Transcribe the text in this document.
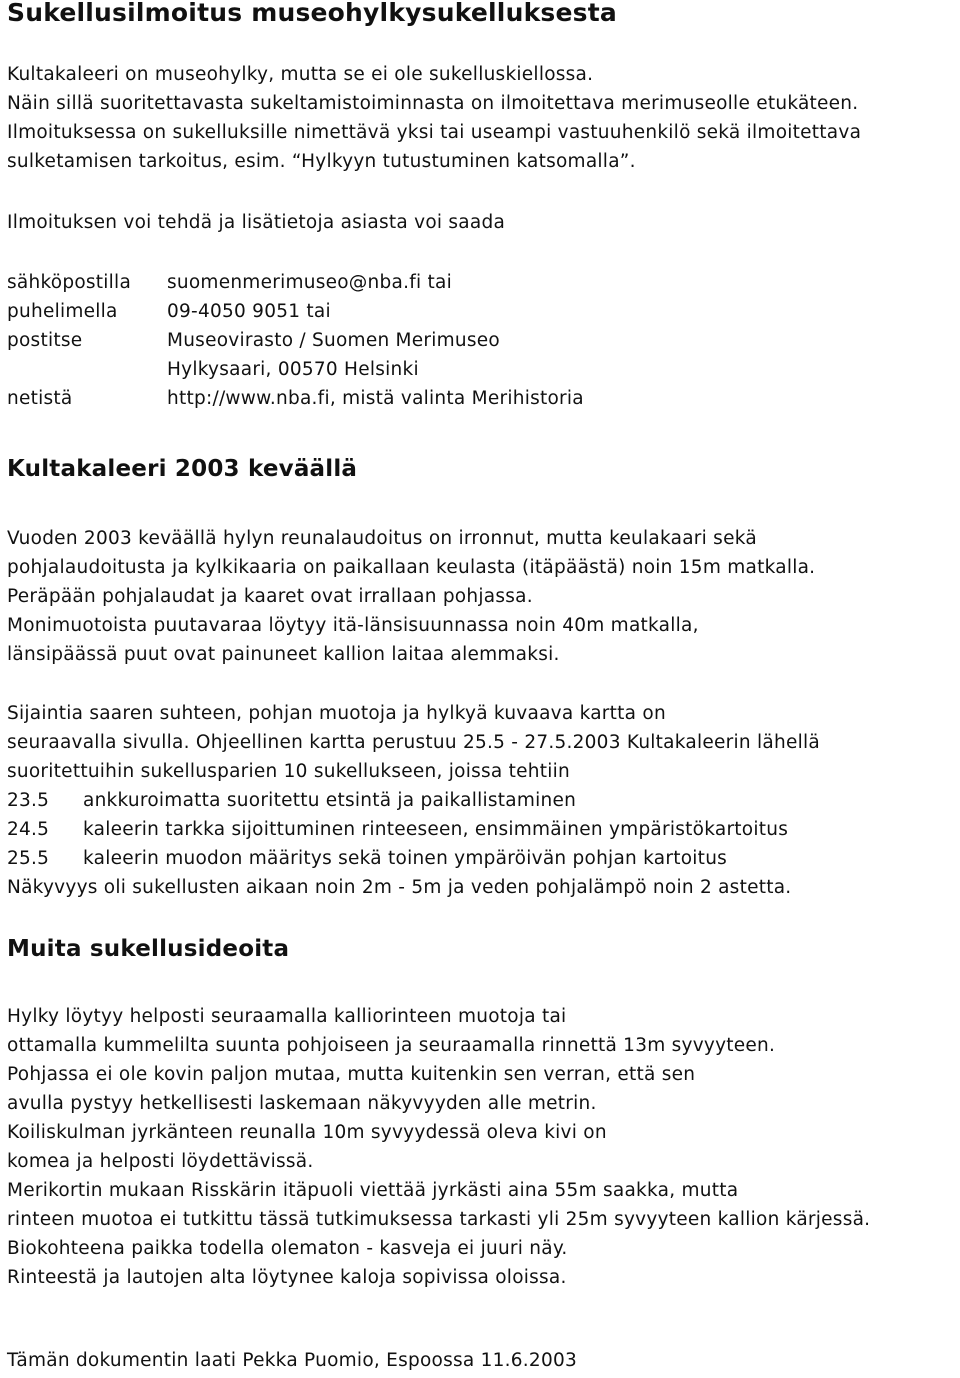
Sukellusilmoitus museohylkysukelluksesta
Kultakaleeri on museohylky, mutta se ei ole sukelluskiellossa.
Näin sillä suoritettavasta sukeltamistoiminnasta on ilmoitettava merimuseolle etukäteen.
Ilmoituksessa on sukelluksille nimettävä yksi tai useampi vastuuhenkilö sekä ilmoitettava
sulketamisen tarkoitus, esim. “Hylkyyn tutustuminen katsomalla”.
Ilmoituksen voi tehdä ja lisätietoja asiasta voi saada
sähköpostilla suomenmerimuseo@nba.fi tai
puhelimella	09-4050 9051 tai
postitse	Museovirasto / Suomen Merimuseo
Hylkysaari, 00570 Helsinki
netistä	http://www.nba.fi, mistä valinta Merihistoria
Kultakaleeri 2003 keväällä
Vuoden 2003 keväällä hylyn reunalaudoitus on irronnut, mutta keulakaari sekä
pohjalaudoitusta ja kylkikaaria on paikallaan keulasta (itäpäästä) noin 15m matkalla.
Peräpään pohjalaudat ja kaaret ovat irrallaan pohjassa.
Monimuotoista puutavaraa löytyy itä-länsisuunnassa noin 40m matkalla,
länsipäässä puut ovat painuneet kallion laitaa alemmaksi.
Sijaintia saaren suhteen, pohjan muotoja ja hylkyä kuvaava kartta on
seuraavalla sivulla. Ohjeellinen kartta perustuu 25.5 - 27.5.2003 Kultakaleerin lähellä
suoritettuihin sukellusparien 10 sukellukseen, joissa tehtiin
23.5 ankkuroimatta suoritettu etsintä ja paikallistaminen
24.5 kaleerin tarkka sijoittuminen rinteeseen, ensimmäinen ympäristökartoitus
25.5 kaleerin muodon määritys sekä toinen ympäröivän pohjan kartoitus
Näkyvyys oli sukellusten aikaan noin 2m - 5m ja veden pohjalämpö noin 2 astetta.
Muita sukellusideoita
Hylky löytyy helposti seuraamalla kalliorinteen muotoja tai
ottamalla kummelilta suunta pohjoiseen ja seuraamalla rinnettä 13m syvyyteen.
Pohjassa ei ole kovin paljon mutaa, mutta kuitenkin sen verran, että sen
avulla pystyy hetkellisesti laskemaan näkyvyyden alle metrin.
Koiliskulman jyrkänteen reunalla 10m syvyydessä oleva kivi on
komea ja helposti löydettävissä.
Merikortin mukaan Risskärin itäpuoli viettää jyrkästi aina 55m saakka, mutta
rinteen muotoa ei tutkittu tässä tutkimuksessa tarkasti yli 25m syvyyteen kallion kärjessä.
Biokohteena paikka todella olematon - kasveja ei juuri näy.
Rinteestä ja lautojen alta löytynee kaloja sopivissa oloissa.
Tämän dokumentin laati Pekka Puomio, Espoossa 11.6.2003
